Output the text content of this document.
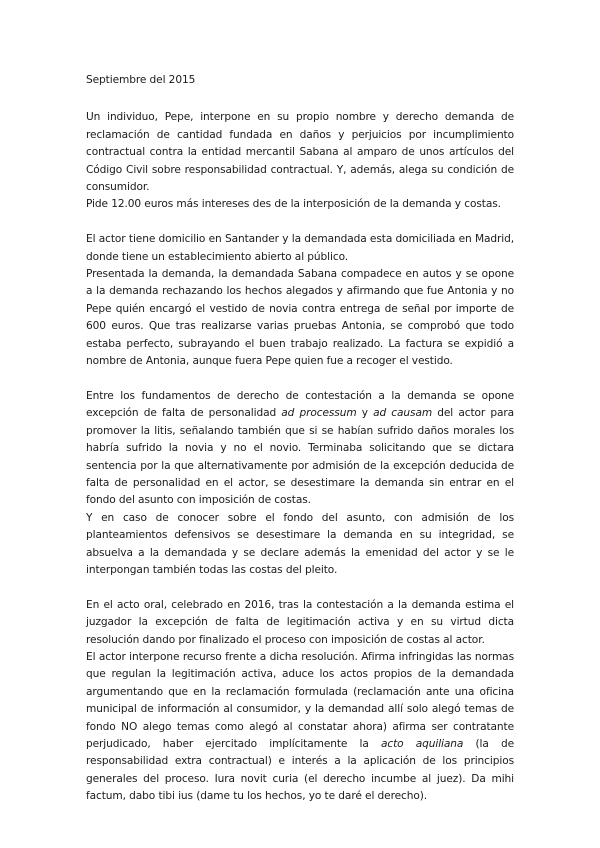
Septiembre del 2015

Un individuo, Pepe, interpone en su propio nombre y derecho demanda de reclamación de cantidad fundada en daños y perjuicios por incumplimiento contractual contra la entidad mercantil Sabana al amparo de unos artículos del Código Civil sobre responsabilidad contractual. Y, además, alega su condición de consumidor.

Pide 12.00 euros más intereses des de la interposición de la demanda y costas.

El actor tiene domicilio en Santander y la demandada esta domiciliada en Madrid, donde tiene un establecimiento abierto al público.

Presentada la demanda, la demandada Sabana compadece en autos y se opone a la demanda rechazando los hechos alegados y afirmando que fue Antonia y no Pepe quién encargó el vestido de novia contra entrega de señal por importe de 600 euros. Que tras realizarse varias pruebas Antonia, se comprobó que todo estaba perfecto, subrayando el buen trabajo realizado. La factura se expidió a nombre de Antonia, aunque fuera Pepe quien fue a recoger el vestido.

Entre los fundamentos de derecho de contestación a la demanda se opone excepción de falta de personalidad ad processum y ad causam del actor para promover la litis, señalando también que si se habían sufrido daños morales los habría sufrido la novia y no el novio. Terminaba solicitando que se dictara sentencia por la que alternativamente por admisión de la excepción deducida de falta de personalidad en el actor, se desestimare la demanda sin entrar en el fondo del asunto con imposición de costas.

Y en caso de conocer sobre el fondo del asunto, con admisión de los planteamientos defensivos se desestimare la demanda en su integridad, se absuelva a la demandada y se declare además la emenidad del actor y se le interpongan también todas las costas del pleito.

En el acto oral, celebrado en 2016, tras la contestación a la demanda estima el juzgador la excepción de falta de legitimación activa y en su virtud dicta resolución dando por finalizado el proceso con imposición de costas al actor.

El actor interpone recurso frente a dicha resolución. Afirma infringidas las normas que regulan la legitimación activa, aduce los actos propios de la demandada argumentando que en la reclamación formulada (reclamación ante una oficina municipal de información al consumidor, y la demandad allí solo alegó temas de fondo NO alego temas como alegó al constatar ahora) afirma ser contratante perjudicado, haber ejercitado implícitamente la acto aquiliana (la de responsabilidad extra contractual) e interés a la aplicación de los principios generales del proceso. Iura novit curia (el derecho incumbe al juez). Da mihi factum, dabo tibi ius (dame tu los hechos, yo te daré el derecho).
